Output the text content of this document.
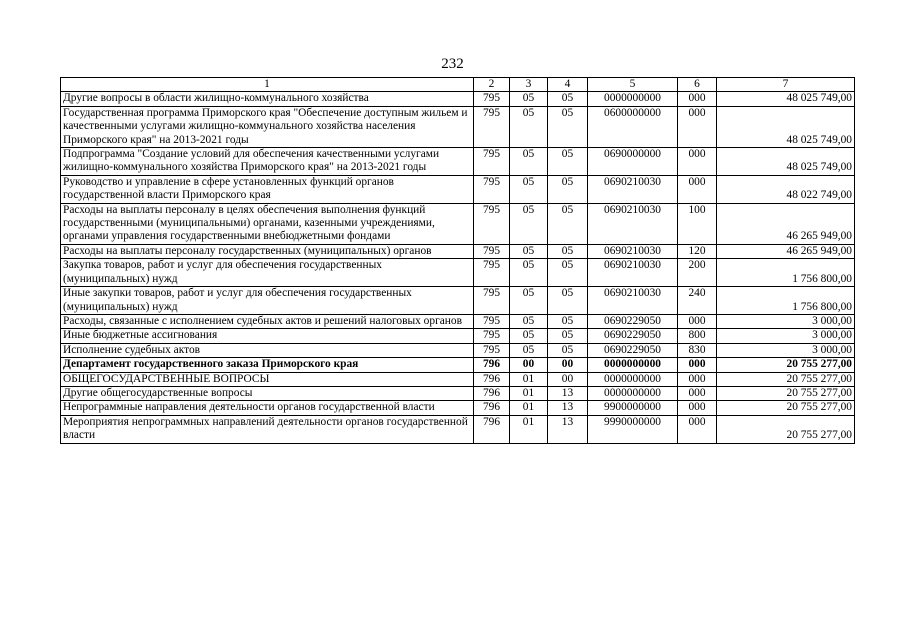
232
1	2	3	4	5	6	7
Другие вопросы в области жилищно-коммунального хозяйства	795	05	05	0000000000	000	48 025 749,00
Государственная программа Приморского края "Обеспечение доступным жильем и качественными услугами жилищно-коммунального хозяйства населения Приморского края" на 2013-2021 годы	795	05	05	0600000000	000	48 025 749,00
Подпрограмма "Создание условий для обеспечения качественными услугами жилищно-коммунального хозяйства Приморского края" на 2013-2021 годы	795	05	05	0690000000	000	48 025 749,00
Руководство и управление в сфере установленных функций органов государственной власти Приморского края	795	05	05	0690210030	000	48 022 749,00
Расходы на выплаты персоналу в целях обеспечения выполнения функций государственными (муниципальными) органами, казенными учреждениями, органами управления государственными внебюджетными фондами	795	05	05	0690210030	100	46 265 949,00
Расходы на выплаты персоналу государственных (муниципальных) органов	795	05	05	0690210030	120	46 265 949,00
Закупка товаров, работ и услуг для обеспечения государственных (муниципальных) нужд	795	05	05	0690210030	200	1 756 800,00
Иные закупки товаров, работ и услуг для обеспечения государственных (муниципальных) нужд	795	05	05	0690210030	240	1 756 800,00
Расходы, связанные с исполнением судебных актов и решений налоговых органов	795	05	05	0690229050	000	3 000,00
Иные бюджетные ассигнования	795	05	05	0690229050	800	3 000,00
Исполнение судебных актов	795	05	05	0690229050	830	3 000,00
Департамент государственного заказа Приморского края	796	00	00	0000000000	000	20 755 277,00
ОБЩЕГОСУДАРСТВЕННЫЕ ВОПРОСЫ	796	01	00	0000000000	000	20 755 277,00
Другие общегосударственные вопросы	796	01	13	0000000000	000	20 755 277,00
Непрограммные направления деятельности органов государственной власти	796	01	13	9900000000	000	20 755 277,00
Мероприятия непрограммных направлений деятельности органов государственной власти	796	01	13	9990000000	000	20 755 277,00
